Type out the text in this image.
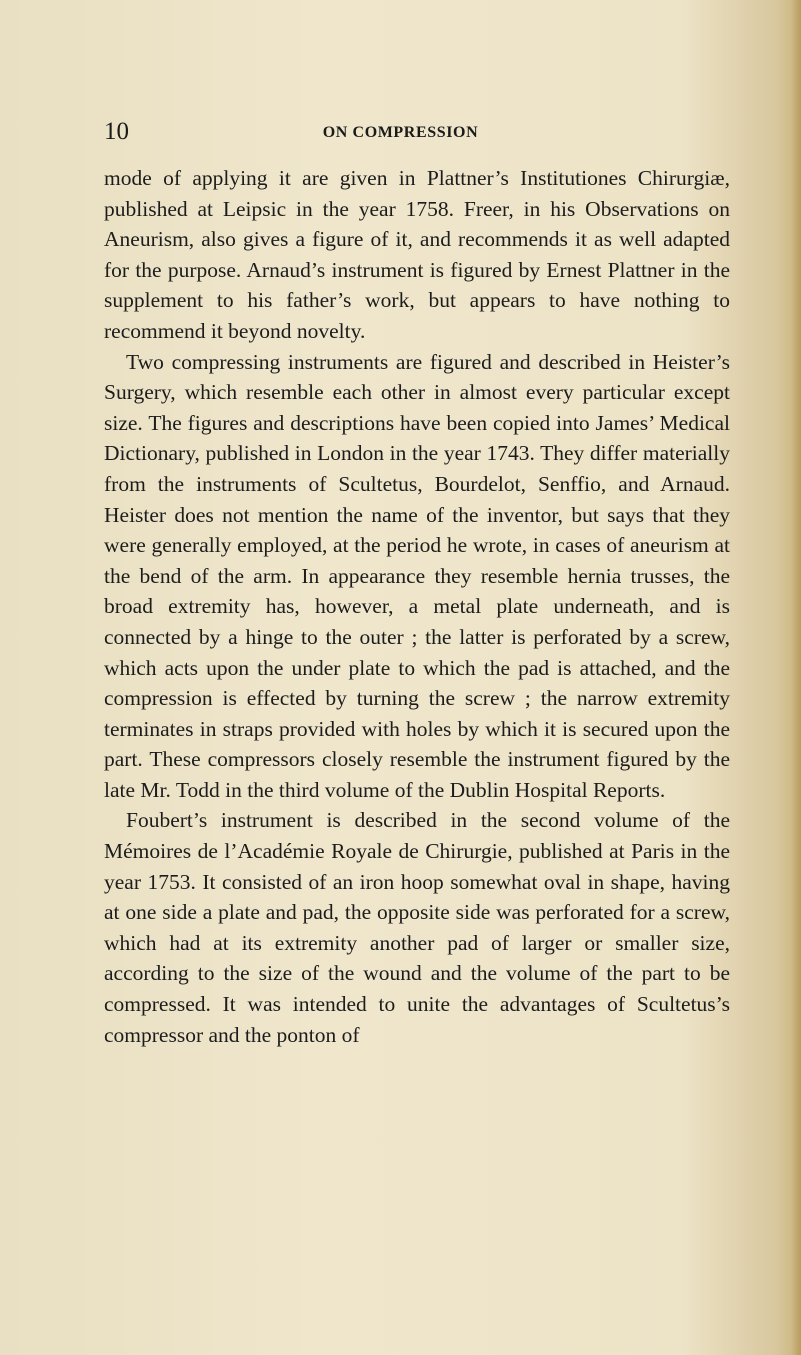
10	ON COMPRESSION

mode of applying it are given in Plattner’s Institutiones Chirurgiæ, published at Leipsic in the year 1758. Freer, in his Observations on Aneurism, also gives a figure of it, and recommends it as well adapted for the purpose. Arnaud’s instrument is figured by Ernest Plattner in the supplement to his father’s work, but appears to have nothing to recommend it beyond novelty.

Two compressing instruments are figured and described in Heister’s Surgery, which resemble each other in almost every particular except size. The figures and descriptions have been copied into James’ Medical Dictionary, published in London in the year 1743. They differ materially from the instruments of Scultetus, Bourdelot, Senffio, and Arnaud. Heister does not mention the name of the inventor, but says that they were generally employed, at the period he wrote, in cases of aneurism at the bend of the arm. In appearance they resemble hernia trusses, the broad extremity has, however, a metal plate underneath, and is connected by a hinge to the outer ; the latter is perforated by a screw, which acts upon the under plate to which the pad is attached, and the compression is effected by turning the screw ; the narrow extremity terminates in straps provided with holes by which it is secured upon the part. These compressors closely resemble the instrument figured by the late Mr. Todd in the third volume of the Dublin Hospital Reports.

Foubert’s instrument is described in the second volume of the Mémoires de l’Académie Royale de Chirurgie, published at Paris in the year 1753. It consisted of an iron hoop somewhat oval in shape, having at one side a plate and pad, the opposite side was perforated for a screw, which had at its extremity another pad of larger or smaller size, according to the size of the wound and the volume of the part to be compressed. It was intended to unite the advantages of Scultetus’s compressor and the ponton of
